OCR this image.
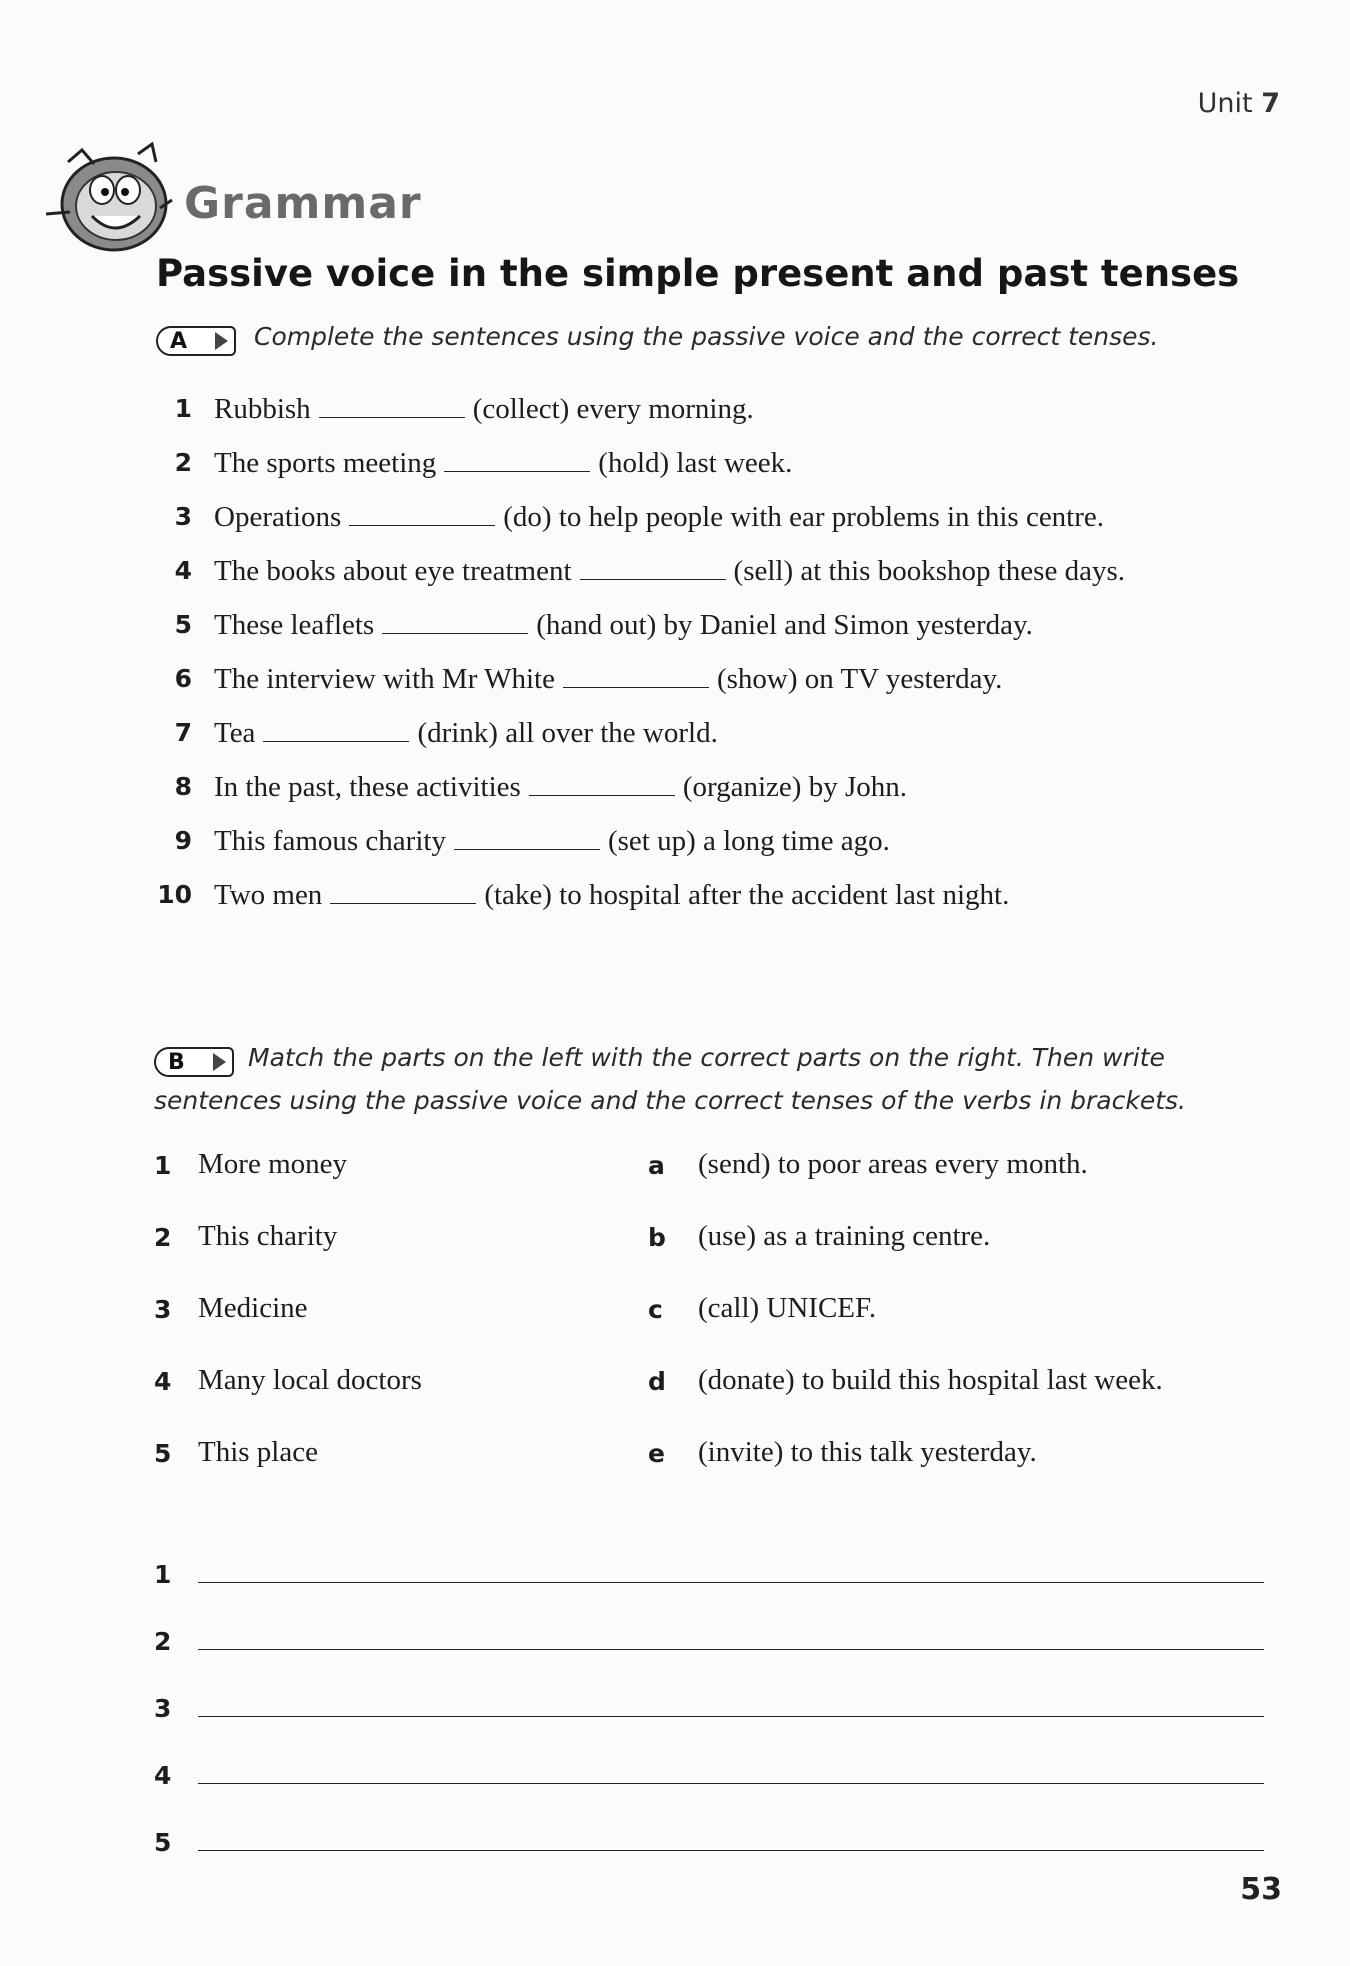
Unit 7
Grammar
Passive voice in the simple present and past tenses
A	Complete the sentences using the passive voice and the correct tenses.
1 Rubbish	(collect) every morning.
2 The sports meeting	(hold) last week.
3 Operations	(do) to help people with ear problems in this centre.
4 The books about eye treatment	(sell) at this bookshop these days.
5 These leaflets	(hand out) by Daniel and Simon yesterday.
6 The interview with Mr White	(show) on TV yesterday.
7 Tea	(drink) all over the world.
8 In the past, these activities	(organize) by John.
9 This famous charity	(set up) a long time ago.
10 Two men	(take) to hospital after the accident last night.
B	Match the parts on the left with the correct parts on the right. Then write sentences using the passive voice and the correct tenses of the verbs in brackets.
1 More money	a	(send) to poor areas every month.
2 This charity	b	(use) as a training centre.
3 Medicine	c	(call) UNICEF.
4 Many local doctors	d	(donate) to build this hospital last week.
5 This place	e	(invite) to this talk yesterday.
1
2
3
4
5
53
